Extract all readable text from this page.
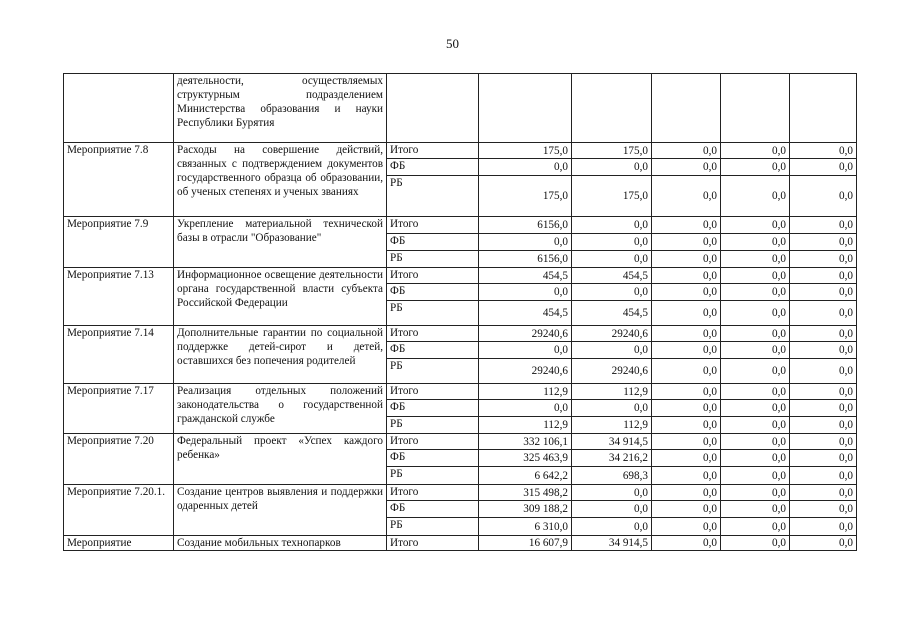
50
	деятельности, осуществляемых структурным подразделением Министерства образования и науки Республики Бурятия						
Мероприятие 7.8	Расходы на совершение действий, связанных с подтверждением документов государственного образца об образовании, об ученых степенях и ученых званиях	Итого	175,0	175,0	0,0	0,0	0,0
		ФБ	0,0	0,0	0,0	0,0	0,0
		РБ	175,0	175,0	0,0	0,0	0,0
Мероприятие 7.9	Укрепление материальной технической базы в отрасли "Образование"	Итого	6156,0	0,0	0,0	0,0	0,0
		ФБ	0,0	0,0	0,0	0,0	0,0
		РБ	6156,0	0,0	0,0	0,0	0,0
Мероприятие 7.13	Информационное освещение деятельности органа государственной власти субъекта Российской Федерации	Итого	454,5	454,5	0,0	0,0	0,0
		ФБ	0,0	0,0	0,0	0,0	0,0
		РБ	454,5	454,5	0,0	0,0	0,0
Мероприятие 7.14	Дополнительные гарантии по социальной поддержке детей-сирот и детей, оставшихся без попечения родителей	Итого	29240,6	29240,6	0,0	0,0	0,0
		ФБ	0,0	0,0	0,0	0,0	0,0
		РБ	29240,6	29240,6	0,0	0,0	0,0
Мероприятие 7.17	Реализация отдельных положений законодательства о государственной гражданской службе	Итого	112,9	112,9	0,0	0,0	0,0
		ФБ	0,0	0,0	0,0	0,0	0,0
		РБ	112,9	112,9	0,0	0,0	0,0
Мероприятие 7.20	Федеральный проект «Успех каждого ребенка»	Итого	332 106,1	34 914,5	0,0	0,0	0,0
		ФБ	325 463,9	34 216,2	0,0	0,0	0,0
		РБ	6 642,2	698,3	0,0	0,0	0,0
Мероприятие 7.20.1.	Создание центров выявления и поддержки одаренных детей	Итого	315 498,2	0,0	0,0	0,0	0,0
		ФБ	309 188,2	0,0	0,0	0,0	0,0
		РБ	6 310,0	0,0	0,0	0,0	0,0
Мероприятие	Создание мобильных технопарков	Итого	16 607,9	34 914,5	0,0	0,0	0,0
